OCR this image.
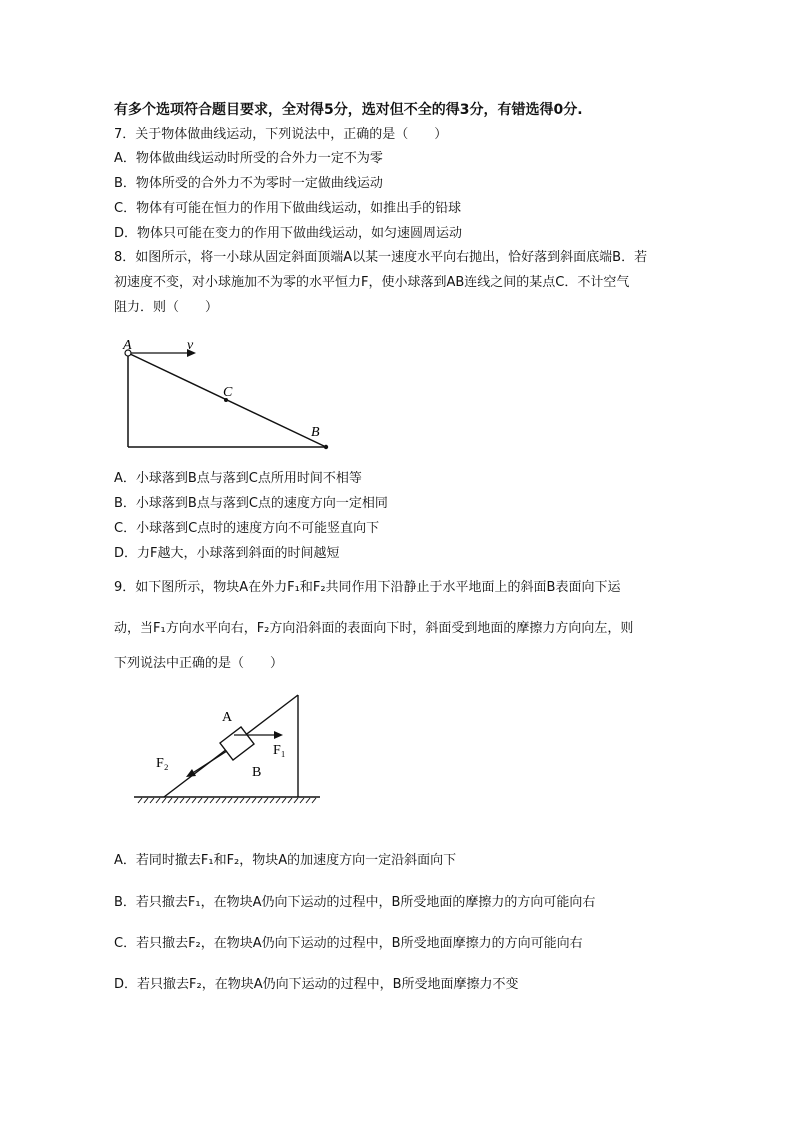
有多个选项符合题目要求，全对得5分，选对但不全的得3分，有错选得0分.
7．关于物体做曲线运动，下列说法中，正确的是（　　）
A．物体做曲线运动时所受的合外力一定不为零
B．物体所受的合外力不为零时一定做曲线运动
C．物体有可能在恒力的作用下做曲线运动，如推出手的铅球
D．物体只可能在变力的作用下做曲线运动，如匀速圆周运动
8．如图所示，将一小球从固定斜面顶端A以某一速度水平向右抛出，恰好落到斜面底端B．若
初速度不变，对小球施加不为零的水平恒力F，使小球落到AB连线之间的某点C．不计空气
阻力．则（　　）
A	v
C
B
A．小球落到B点与落到C点所用时间不相等
B．小球落到B点与落到C点的速度方向一定相同
C．小球落到C点时的速度方向不可能竖直向下
D．力F越大，小球落到斜面的时间越短
9．如下图所示，物块A在外力F₁和F₂共同作用下沿静止于水平地面上的斜面B表面向下运
动，当F₁方向水平向右，F₂方向沿斜面的表面向下时，斜面受到地面的摩擦力方向向左，则
下列说法中正确的是（　　）
A
F₁
F₂
B
A．若同时撤去F₁和F₂，物块A的加速度方向一定沿斜面向下
B．若只撤去F₁，在物块A仍向下运动的过程中，B所受地面的摩擦力的方向可能向右
C．若只撤去F₂，在物块A仍向下运动的过程中，B所受地面摩擦力的方向可能向右
D．若只撤去F₂，在物块A仍向下运动的过程中，B所受地面摩擦力不变
